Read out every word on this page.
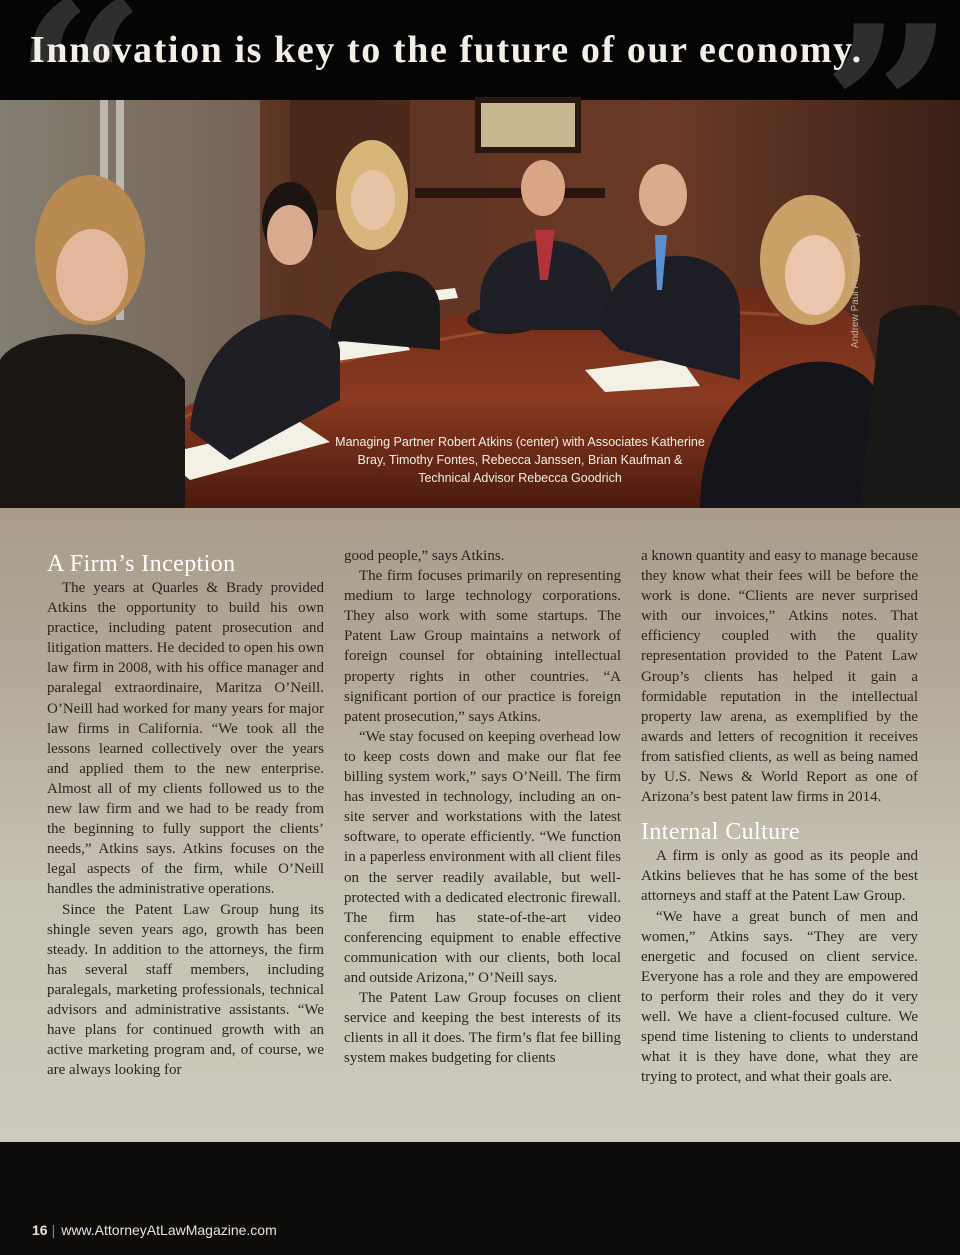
Innovation is key to the future of our economy.
Andrew Paul Photography
Managing Partner Robert Atkins (center) with Associates Katherine Bray, Timothy Fontes, Rebecca Janssen, Brian Kaufman & Technical Advisor Rebecca Goodrich
A Firm’s Inception

The years at Quarles & Brady provided Atkins the opportunity to build his own practice, including patent prosecution and litigation matters. He decided to open his own law firm in 2008, with his office manager and paralegal extraordinaire, Maritza O’Neill. O’Neill had worked for many years for major law firms in California. “We took all the lessons learned collectively over the years and applied them to the new enterprise. Almost all of my clients followed us to the new law firm and we had to be ready from the beginning to fully support the clients’ needs,” Atkins says. Atkins focuses on the legal aspects of the firm, while O’Neill handles the administrative operations.

Since the Patent Law Group hung its shingle seven years ago, growth has been steady. In addition to the attorneys, the firm has several staff members, including paralegals, marketing professionals, technical advisors and administrative assistants. “We have plans for continued growth with an active marketing program and, of course, we are always looking for

good people,” says Atkins.

The firm focuses primarily on representing medium to large technology corporations. They also work with some startups. The Patent Law Group maintains a network of foreign counsel for obtaining intellectual property rights in other countries. “A significant portion of our practice is foreign patent prosecution,” says Atkins.

“We stay focused on keeping overhead low to keep costs down and make our flat fee billing system work,” says O’Neill. The firm has invested in technology, including an on-site server and workstations with the latest software, to operate efficiently. “We function in a paperless environment with all client files on the server readily available, but well-protected with a dedicated electronic firewall. The firm has state-of-the-art video conferencing equipment to enable effective communication with our clients, both local and outside Arizona,” O’Neill says.

The Patent Law Group focuses on client service and keeping the best interests of its clients in all it does. The firm’s flat fee billing system makes budgeting for clients

a known quantity and easy to manage because they know what their fees will be before the work is done. “Clients are never surprised with our invoices,” Atkins notes. That efficiency coupled with the quality representation provided to the Patent Law Group’s clients has helped it gain a formidable reputation in the intellectual property law arena, as exemplified by the awards and letters of recognition it receives from satisfied clients, as well as being named by U.S. News & World Report as one of Arizona’s best patent law firms in 2014.

Internal Culture

A firm is only as good as its people and Atkins believes that he has some of the best attorneys and staff at the Patent Law Group.

“We have a great bunch of men and women,” Atkins says. “They are very energetic and focused on client service. Everyone has a role and they are empowered to perform their roles and they do it very well. We have a client-focused culture. We spend time listening to clients to understand what it is they have done, what they are trying to protect, and what their goals are.

16 | www.AttorneyAtLawMagazine.com
